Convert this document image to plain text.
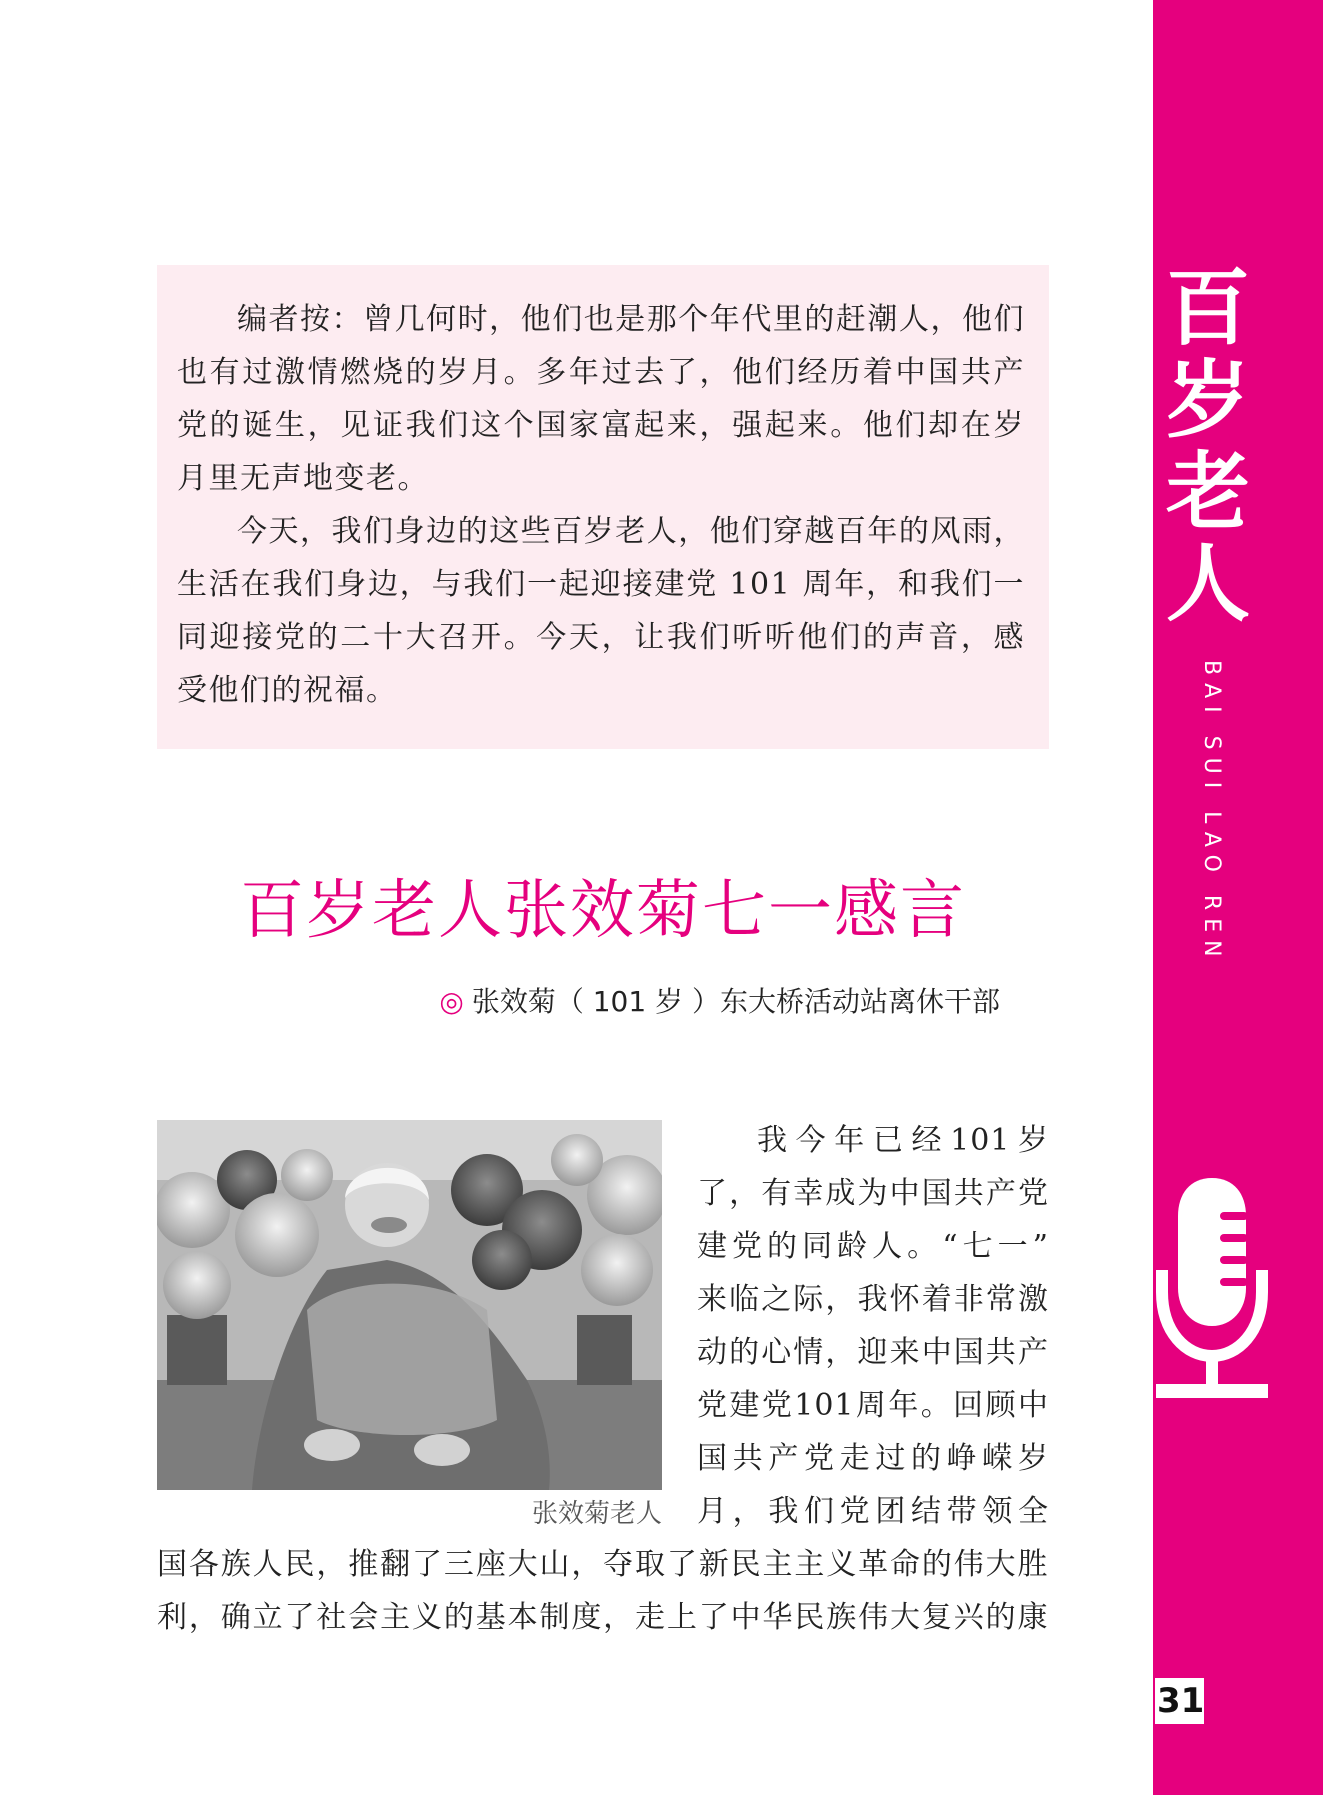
百
岁
老
人
BAI SUI LAO REN
31

编者按：曾几何时，他们也是那个年代里的赶潮人，他们也有过激情燃烧的岁月。多年过去了，他们经历着中国共产党的诞生，见证我们这个国家富起来，强起来。他们却在岁月里无声地变老。

今天，我们身边的这些百岁老人，他们穿越百年的风雨，生活在我们身边，与我们一起迎接建党 101 周年，和我们一同迎接党的二十大召开。今天，让我们听听他们的声音，感受他们的祝福。

百岁老人张效菊七一感言
◎ 张效菊（ 101 岁 ）东大桥活动站离休干部
张效菊老人
我今年已经101岁
了，有幸成为中国共产党
建党的同龄人。“七一”
来临之际，我怀着非常激
动的心情，迎来中国共产
党建党101周年。回顾中
国共产党走过的峥嵘岁
月，我们党团结带领全
国各族人民，推翻了三座大山，夺取了新民主主义革命的伟大胜
利，确立了社会主义的基本制度，走上了中华民族伟大复兴的康
